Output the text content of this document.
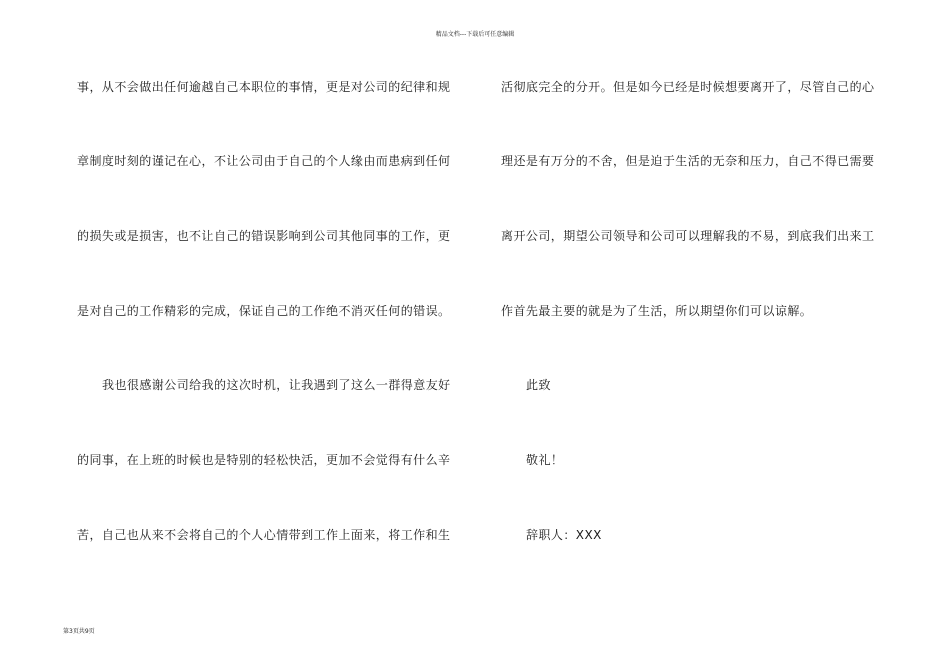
精品文档---下载后可任意编辑
事，从不会做出任何逾越自己本职位的事情，更是对公司的纪律和规
章制度时刻的谨记在心，不让公司由于自己的个人缘由而患病到任何
的损失或是损害，也不让自己的错误影响到公司其他同事的工作，更
是对自己的工作精彩的完成，保证自己的工作绝不消灭任何的错误。
我也很感谢公司给我的这次时机，让我遇到了这么一群得意友好
的同事，在上班的时候也是特别的轻松快活，更加不会觉得有什么辛
苦，自己也从来不会将自己的个人心情带到工作上面来，将工作和生
活彻底完全的分开。但是如今已经是时候想要离开了，尽管自己的心
理还是有万分的不舍，但是迫于生活的无奈和压力，自己不得已需要
离开公司，期望公司领导和公司可以理解我的不易，到底我们出来工
作首先最主要的就是为了生活，所以期望你们可以谅解。
此致
敬礼！
辞职人：XXX
第3页共9页
